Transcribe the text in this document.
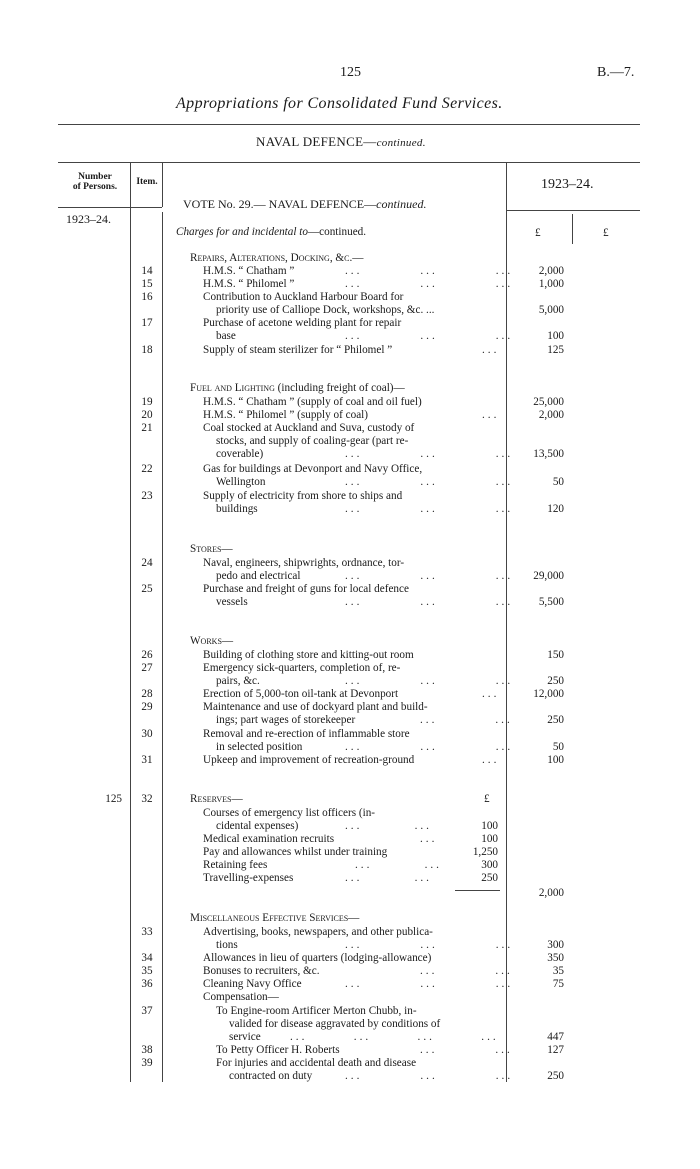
125	B.—7.
Appropriations for Consolidated Fund Services.
NAVAL DEFENCE—continued.
Number
of Persons.	Item.	1923–24.
1923–24.
VOTE No. 29.— NAVAL DEFENCE—continued.
Charges for and incidental to—continued.	£	£
Repairs, Alterations, Docking, &c.—
14	H.M.S. “ Chatham ”	...          ...          ...	2,000
15	H.M.S. “ Philomel ”	...          ...          ...	1,000
16	Contribution to Auckland Harbour Board for
priority use of Calliope Dock, workshops, &c. ...	5,000
17	Purchase of acetone welding plant for repair
base	...          ...          ...	100
18	Supply of steam sterilizer for “ Philomel ”	...	125
Fuel and Lighting (including freight of coal)—
19	H.M.S. “ Chatham ” (supply of coal and oil fuel)	25,000
20	H.M.S. “ Philomel ” (supply of coal)	...	2,000
21	Coal stocked at Auckland and Suva, custody of
stocks, and supply of coaling-gear (part re-
coverable)	...          ...          ...	13,500
22	Gas for buildings at Devonport and Navy Office,
Wellington	...          ...          ...	50
23	Supply of electricity from shore to ships and
buildings	...          ...          ...	120
Stores—
24	Naval, engineers, shipwrights, ordnance, tor-
pedo and electrical	...          ...          ...	29,000
25	Purchase and freight of guns for local defence
vessels	...          ...          ...	5,500
Works—
26	Building of clothing store and kitting-out room	150
27	Emergency sick-quarters, completion of, re-
pairs, &c.	...          ...          ...	250
28	Erection of 5,000-ton oil-tank at Devonport	...	12,000
29	Maintenance and use of dockyard plant and build-
ings; part wages of storekeeper	...          ...	250
30	Removal and re-erection of inflammable store
in selected position	...          ...          ...	50
31	Upkeep and improvement of recreation-ground	...	100
125	32	Reserves—	£
Courses of emergency list officers (in-
cidental expenses)	...         ...	100
Medical examination recruits	...	100
Pay and allowances whilst under training	1,250
Retaining fees	...         ...	300
Travelling-expenses	...         ...	250
2,000
Miscellaneous Effective Services—
33	Advertising, books, newspapers, and other publica-
tions	...          ...          ...	300
34	Allowances in lieu of quarters (lodging-allowance)	350
35	Bonuses to recruiters, &c.	...          ...	35
36	Cleaning Navy Office	...          ...          ...	75
Compensation—
37	To Engine-room Artificer Merton Chubb, in-
valided for disease aggravated by conditions of
service	...        ...        ...        ...	447
38	To Petty Officer H. Roberts	...          ...	127
39	For injuries and accidental death and disease
contracted on duty	...          ...          ...	250
